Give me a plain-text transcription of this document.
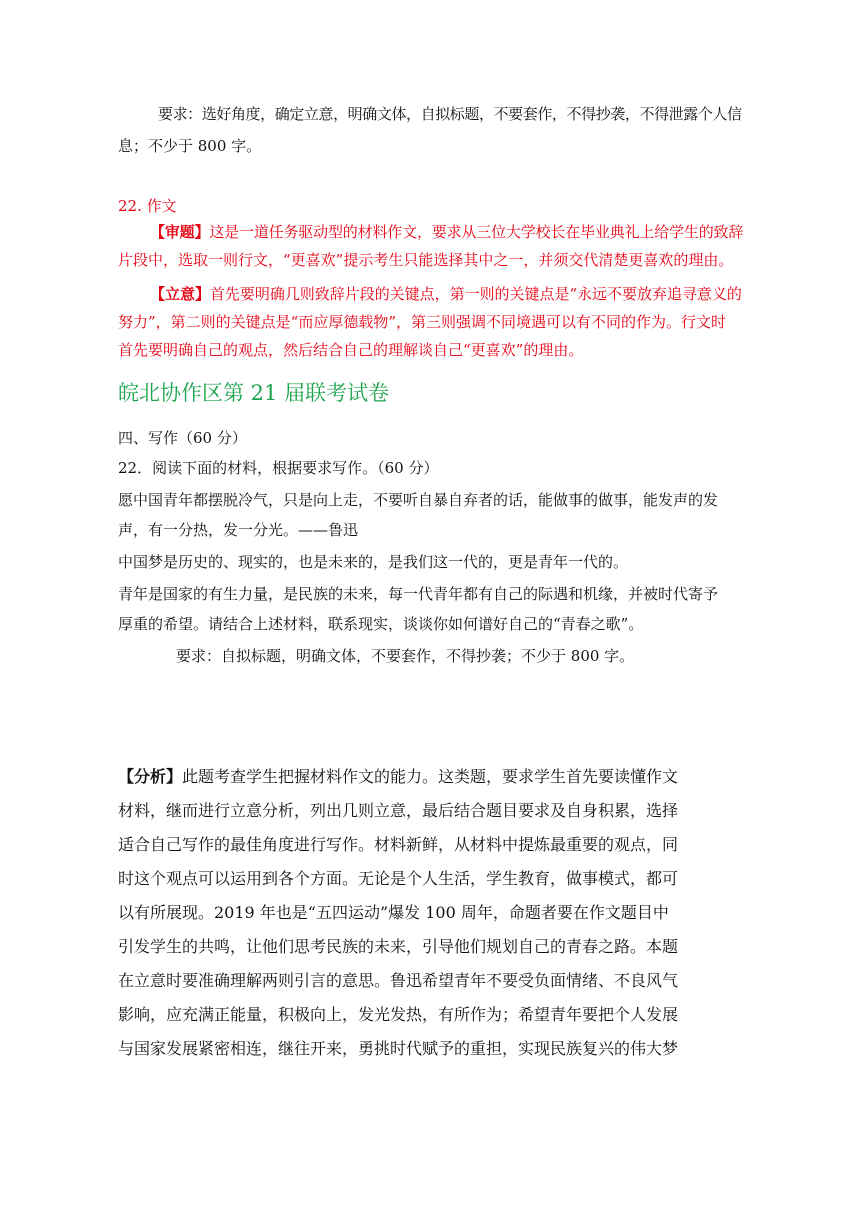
要求：选好角度，确定立意，明确文体，自拟标题，不要套作，不得抄袭，不得泄露个人信
息；不少于 800 字。
22. 作文
【审题】这是一道任务驱动型的材料作文，要求从三位大学校长在毕业典礼上给学生的致辞
片段中，选取一则行文，“更喜欢”提示考生只能选择其中之一，并须交代清楚更喜欢的理由。
【立意】首先要明确几则致辞片段的关键点，第一则的关键点是“永远不要放弃追寻意义的
努力”，第二则的关键点是“而应厚德载物”，第三则强调不同境遇可以有不同的作为。行文时
首先要明确自己的观点，然后结合自己的理解谈自己“更喜欢”的理由。
皖北协作区第 21 届联考试卷
四、写作（60 分）
22．阅读下面的材料，根据要求写作。（60 分）
愿中国青年都摆脱冷气，只是向上走，不要听自暴自弃者的话，能做事的做事，能发声的发
声，有一分热，发一分光。——鲁迅
中国梦是历史的、现实的，也是未来的，是我们这一代的，更是青年一代的。
青年是国家的有生力量，是民族的未来，每一代青年都有自己的际遇和机缘，并被时代寄予
厚重的希望。请结合上述材料，联系现实，谈谈你如何谱好自己的“青春之歌”。
要求：自拟标题，明确文体，不要套作，不得抄袭；不少于 800 字。
【分析】此题考查学生把握材料作文的能力。这类题，要求学生首先要读懂作文
材料，继而进行立意分析，列出几则立意，最后结合题目要求及自身积累，选择
适合自己写作的最佳角度进行写作。材料新鲜，从材料中提炼最重要的观点，同
时这个观点可以运用到各个方面。无论是个人生活，学生教育，做事模式，都可
以有所展现。2019 年也是“五四运动”爆发 100 周年，命题者要在作文题目中
引发学生的共鸣，让他们思考民族的未来，引导他们规划自己的青春之路。本题
在立意时要准确理解两则引言的意思。鲁迅希望青年不要受负面情绪、不良风气
影响，应充满正能量，积极向上，发光发热，有所作为；希望青年要把个人发展
与国家发展紧密相连，继往开来，勇挑时代赋予的重担，实现民族复兴的伟大梦
